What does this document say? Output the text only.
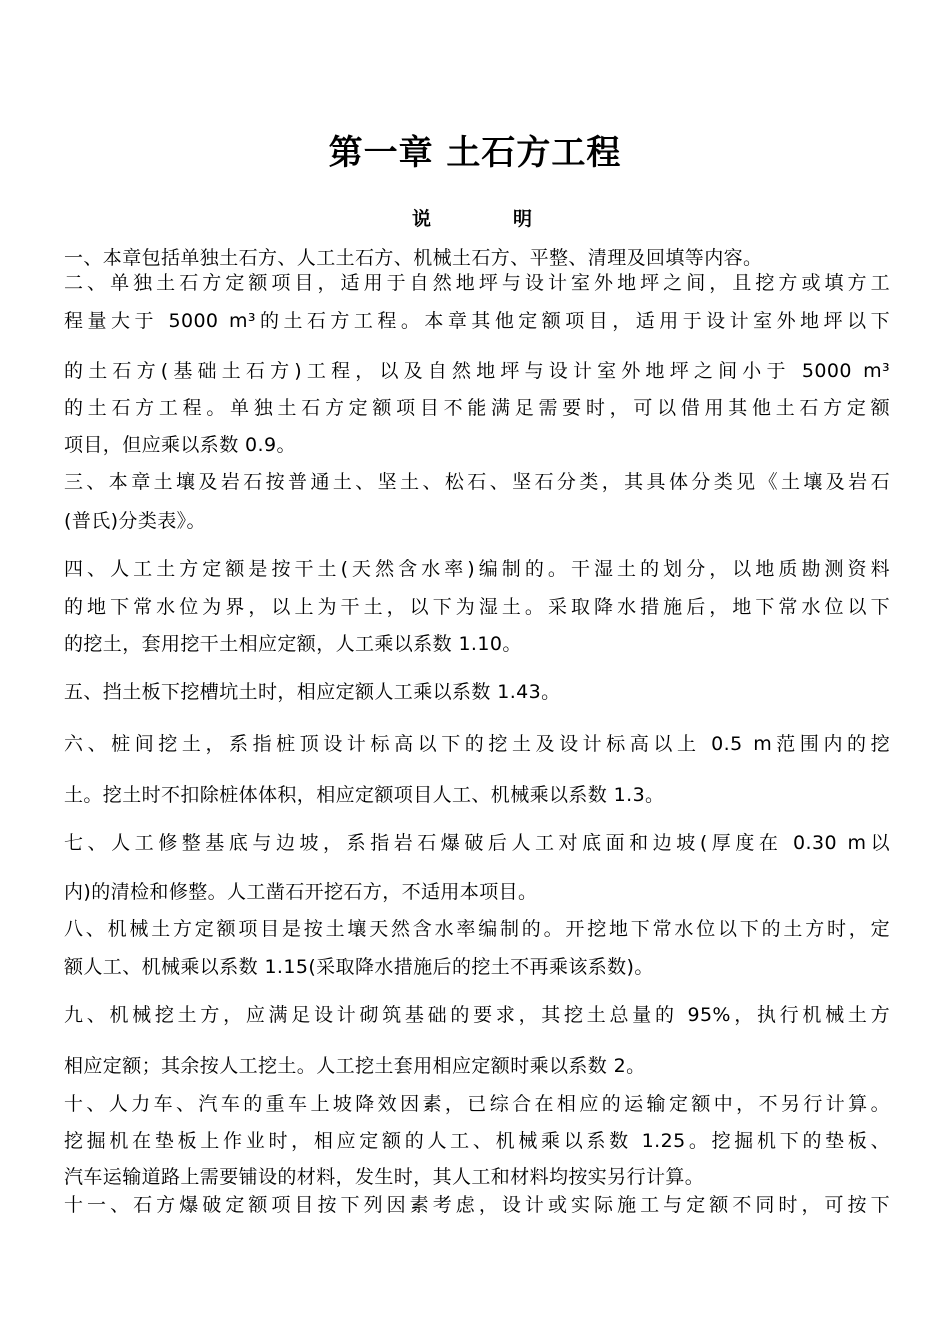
第一章 土石方工程
说	明
一、本章包括单独土石方、人工土石方、机械土石方、平整、清理及回填等内容。
二、单独土石方定额项目，适用于自然地坪与设计室外地坪之间，且挖方或填方工
程量大于 5000 m³的土石方工程。本章其他定额项目，适用于设计室外地坪以下
的土石方(基础土石方)工程，以及自然地坪与设计室外地坪之间小于 5000 m³
的土石方工程。单独土石方定额项目不能满足需要时，可以借用其他土石方定额
项目，但应乘以系数 0.9。
三、本章土壤及岩石按普通土、坚土、松石、坚石分类，其具体分类见《土壤及岩石
(普氏)分类表》。
四、人工土方定额是按干土(天然含水率)编制的。干湿土的划分，以地质勘测资料
的地下常水位为界，以上为干土，以下为湿土。采取降水措施后，地下常水位以下
的挖土，套用挖干土相应定额，人工乘以系数 1.10。
五、挡土板下挖槽坑土时，相应定额人工乘以系数 1.43。
六、桩间挖土，系指桩顶设计标高以下的挖土及设计标高以上 0.5 m范围内的挖
土。挖土时不扣除桩体体积，相应定额项目人工、机械乘以系数 1.3。
七、人工修整基底与边坡，系指岩石爆破后人工对底面和边坡(厚度在 0.30 m以
内)的清检和修整。人工凿石开挖石方，不适用本项目。
八、机械土方定额项目是按土壤天然含水率编制的。开挖地下常水位以下的土方时，定
额人工、机械乘以系数 1.15(采取降水措施后的挖土不再乘该系数)。
九、机械挖土方，应满足设计砌筑基础的要求，其挖土总量的 95%，执行机械土方
相应定额；其余按人工挖土。人工挖土套用相应定额时乘以系数 2。
十、人力车、汽车的重车上坡降效因素，已综合在相应的运输定额中，不另行计算。
挖掘机在垫板上作业时，相应定额的人工、机械乘以系数 1.25。挖掘机下的垫板、
汽车运输道路上需要铺设的材料，发生时，其人工和材料均按实另行计算。
十一、石方爆破定额项目按下列因素考虑，设计或实际施工与定额不同时，可按下
